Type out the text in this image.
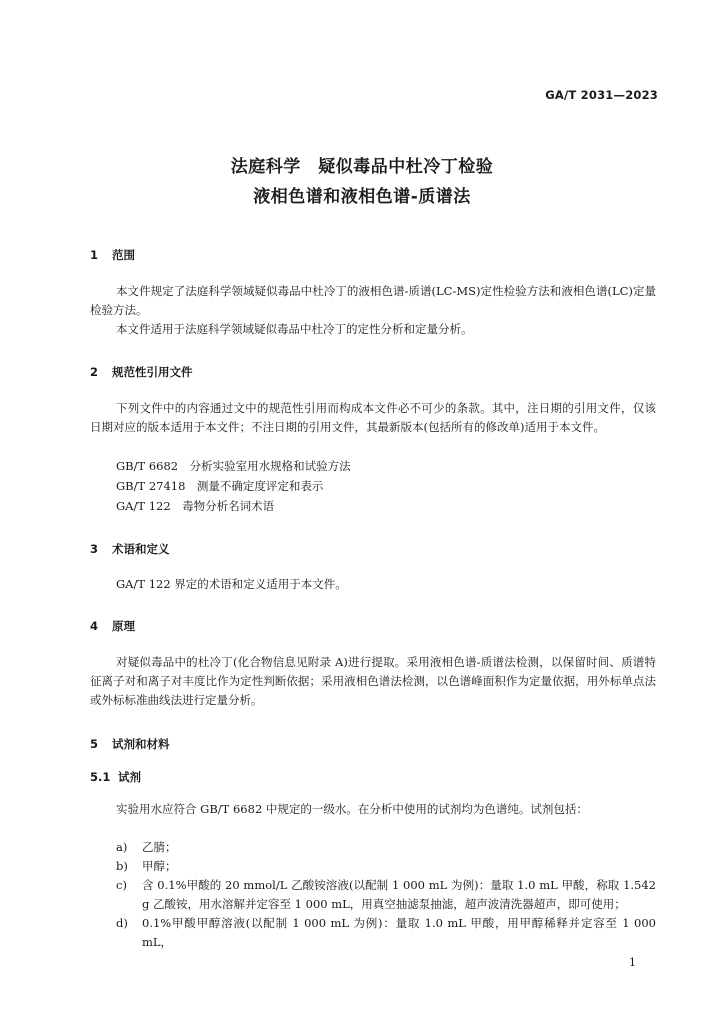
GA/T 2031—2023
法庭科学　疑似毒品中杜冷丁检验
液相色谱和液相色谱-质谱法
1 范围

本文件规定了法庭科学领域疑似毒品中杜冷丁的液相色谱-质谱(LC-MS)定性检验方法和液相色谱(LC)定量检验方法。

本文件适用于法庭科学领域疑似毒品中杜冷丁的定性分析和定量分析。

2 规范性引用文件

下列文件中的内容通过文中的规范性引用而构成本文件必不可少的条款。其中，注日期的引用文件，仅该日期对应的版本适用于本文件；不注日期的引用文件，其最新版本(包括所有的修改单)适用于本文件。

GB/T 6682　 分析实验室用水规格和试验方法
GB/T 27418　 测量不确定度评定和表示
GA/T 122　 毒物分析名词术语
3 术语和定义

GA/T 122 界定的术语和定义适用于本文件。

4 原理

对疑似毒品中的杜冷丁(化合物信息见附录 A)进行提取。采用液相色谱-质谱法检测，以保留时间、质谱特征离子对和离子对丰度比作为定性判断依据；采用液相色谱法检测，以色谱峰面积作为定量依据，用外标单点法或外标标准曲线法进行定量分析。

5 试剂和材料
5.1 试剂

实验用水应符合 GB/T 6682 中规定的一级水。在分析中使用的试剂均为色谱纯。试剂包括：

a) 乙腈；
b) 甲醇；
c) 含 0.1%甲酸的 20 mmol/L 乙酸铵溶液(以配制 1 000 mL 为例)：量取 1.0 mL 甲酸，称取 1.542 g 乙酸铵，用水溶解并定容至 1 000 mL，用真空抽滤泵抽滤，超声波清洗器超声，即可使用；
d) 0.1%甲酸甲醇溶液(以配制 1 000 mL 为例)：量取 1.0 mL 甲酸，用甲醇稀释并定容至 1 000 mL，
1
